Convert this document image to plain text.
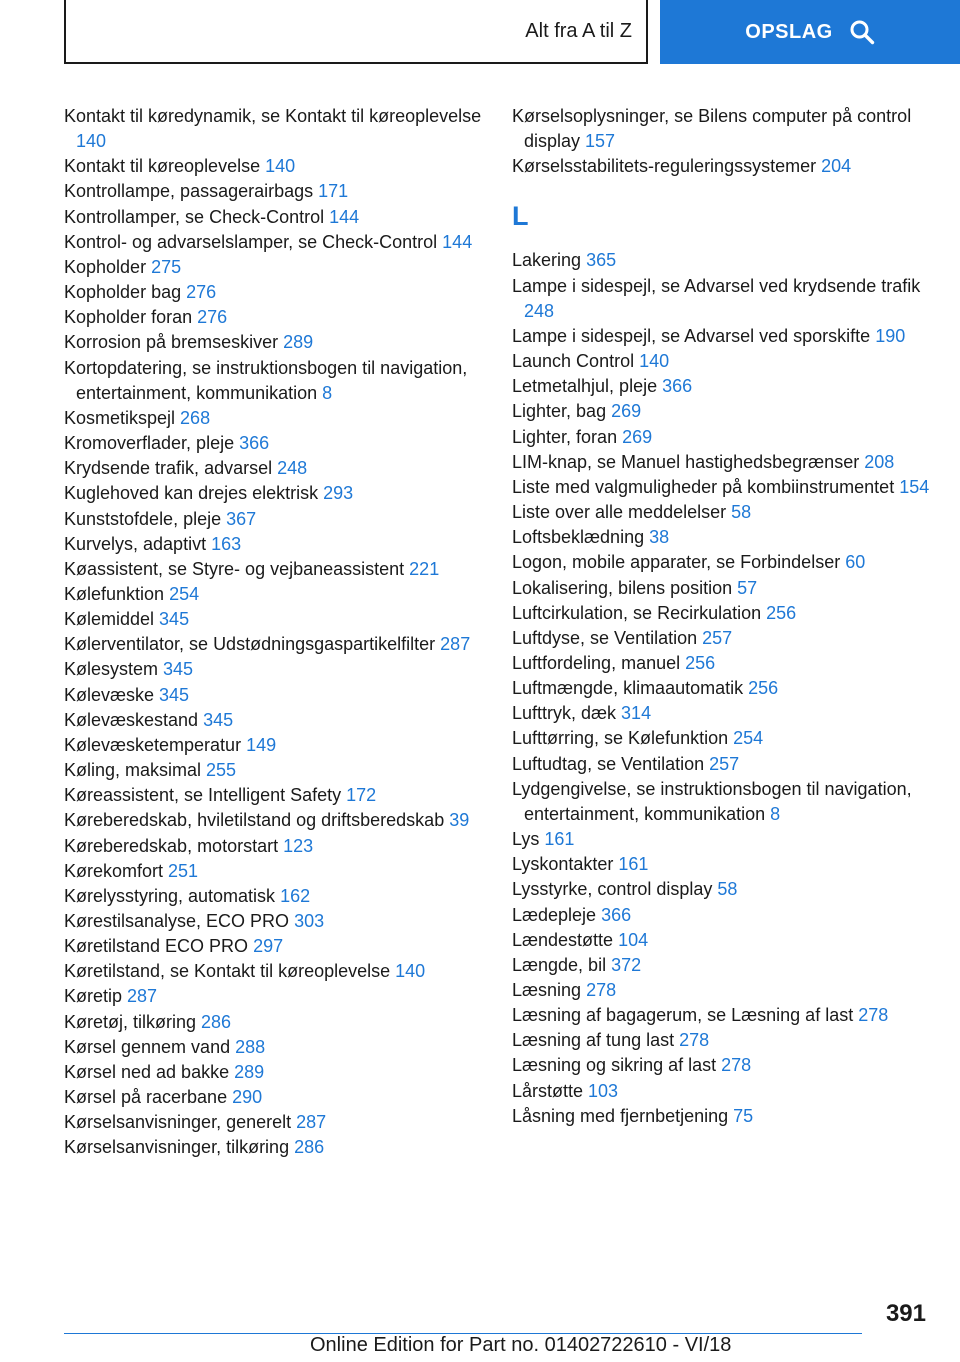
Alt fra A til Z	OPSLAG
Kontakt til køredynamik, se Kontakt til køreoplevelse 140
Kontakt til køreoplevelse 140
Kontrollampe, passagerairbags 171
Kontrollamper, se Check-Control 144
Kontrol- og advarselslamper, se Check-Control 144
Kopholder 275
Kopholder bag 276
Kopholder foran 276
Korrosion på bremseskiver 289
Kortopdatering, se instruktionsbogen til navigation, entertainment, kommunikation 8
Kosmetikspejl 268
Kromoverflader, pleje 366
Krydsende trafik, advarsel 248
Kuglehoved kan drejes elektrisk 293
Kunststofdele, pleje 367
Kurvelys, adaptivt 163
Køassistent, se Styre- og vejbaneassistent 221
Kølefunktion 254
Kølemiddel 345
Kølerventilator, se Udstødningsgaspartikelfilter 287
Kølesystem 345
Kølevæske 345
Kølevæskestand 345
Kølevæsketemperatur 149
Køling, maksimal 255
Køreassistent, se Intelligent Safety 172
Køreberedskab, hviletilstand og driftsberedskab 39
Køreberedskab, motorstart 123
Kørekomfort 251
Kørelysstyring, automatisk 162
Kørestilsanalyse, ECO PRO 303
Køretilstand ECO PRO 297
Køretilstand, se Kontakt til køreoplevelse 140
Køretip 287
Køretøj, tilkøring 286
Kørsel gennem vand 288
Kørsel ned ad bakke 289
Kørsel på racerbane 290
Kørselsanvisninger, generelt 287
Kørselsanvisninger, tilkøring 286
Kørselsoplysninger, se Bilens computer på control display 157
Kørselsstabilitets-reguleringssystemer 204
L
Lakering 365
Lampe i sidespejl, se Advarsel ved krydsende trafik 248
Lampe i sidespejl, se Advarsel ved sporskifte 190
Launch Control 140
Letmetalhjul, pleje 366
Lighter, bag 269
Lighter, foran 269
LIM-knap, se Manuel hastighedsbegrænser 208
Liste med valgmuligheder på kombiinstrumentet 154
Liste over alle meddelelser 58
Loftsbeklædning 38
Logon, mobile apparater, se Forbindelser 60
Lokalisering, bilens position 57
Luftcirkulation, se Recirkulation 256
Luftdyse, se Ventilation 257
Luftfordeling, manuel 256
Luftmængde, klimaautomatik 256
Lufttryk, dæk 314
Lufttørring, se Kølefunktion 254
Luftudtag, se Ventilation 257
Lydgengivelse, se instruktionsbogen til navigation, entertainment, kommunikation 8
Lys 161
Lyskontakter 161
Lysstyrke, control display 58
Lædepleje 366
Lændestøtte 104
Længde, bil 372
Læsning 278
Læsning af bagagerum, se Læsning af last 278
Læsning af tung last 278
Læsning og sikring af last 278
Lårstøtte 103
Låsning med fjernbetjening 75
391
Online Edition for Part no. 01402722610 - VI/18
